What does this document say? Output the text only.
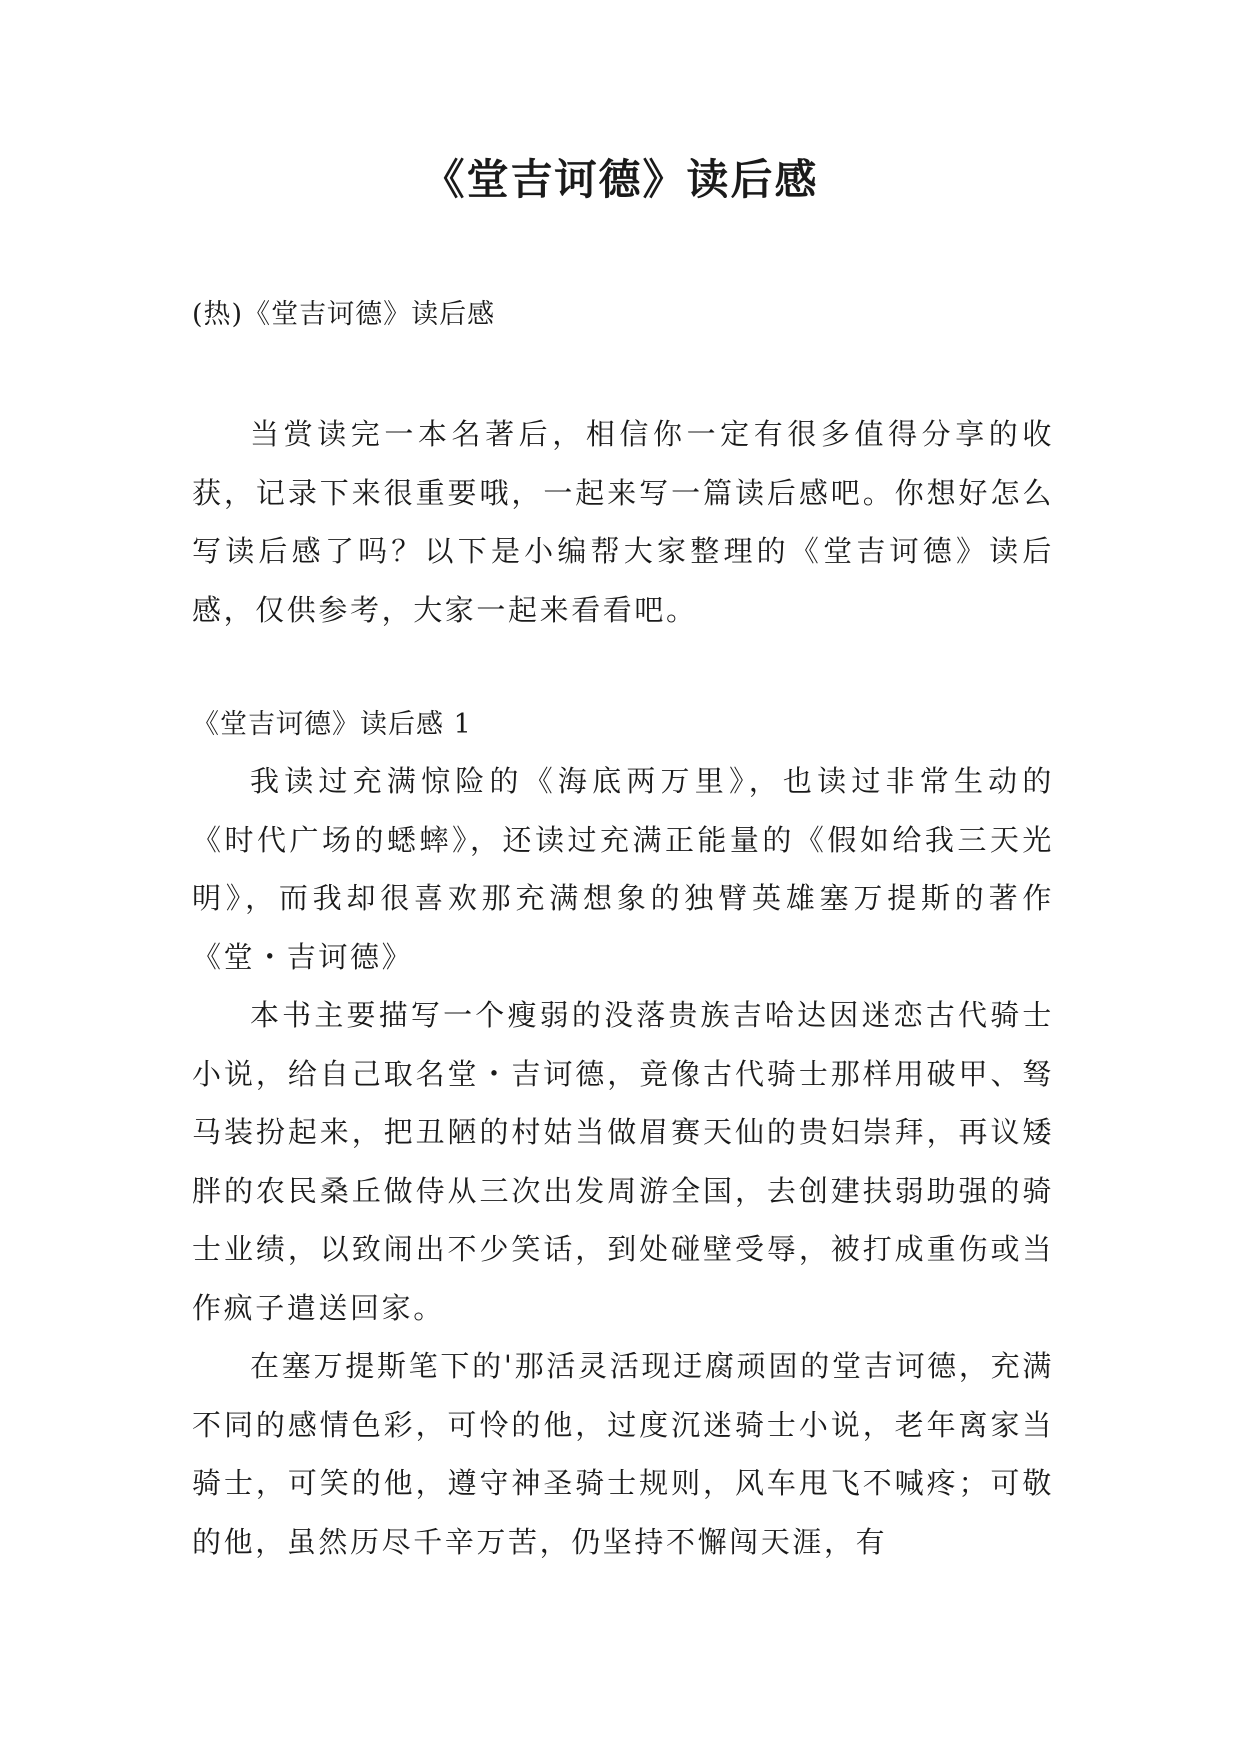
《堂吉诃德》读后感

(热)《堂吉诃德》读后感

当赏读完一本名著后，相信你一定有很多值得分享的收获，记录下来很重要哦，一起来写一篇读后感吧。你想好怎么写读后感了吗？以下是小编帮大家整理的《堂吉诃德》读后感，仅供参考，大家一起来看看吧。

《堂吉诃德》读后感 1

我读过充满惊险的《海底两万里》，也读过非常生动的《时代广场的蟋蟀》，还读过充满正能量的《假如给我三天光明》，而我却很喜欢那充满想象的独臂英雄塞万提斯的著作《堂・吉诃德》

本书主要描写一个瘦弱的没落贵族吉哈达因迷恋古代骑士小说，给自己取名堂・吉诃德，竟像古代骑士那样用破甲、驽马装扮起来，把丑陋的村姑当做眉赛天仙的贵妇崇拜，再议矮胖的农民桑丘做侍从三次出发周游全国，去创建扶弱助强的骑士业绩，以致闹出不少笑话，到处碰壁受辱，被打成重伤或当作疯子遣送回家。

在塞万提斯笔下的'那活灵活现迂腐顽固的堂吉诃德，充满不同的感情色彩，可怜的他，过度沉迷骑士小说，老年离家当骑士，可笑的他，遵守神圣骑士规则，风车甩飞不喊疼；可敬的他，虽然历尽千辛万苦，仍坚持不懈闯天涯，有
